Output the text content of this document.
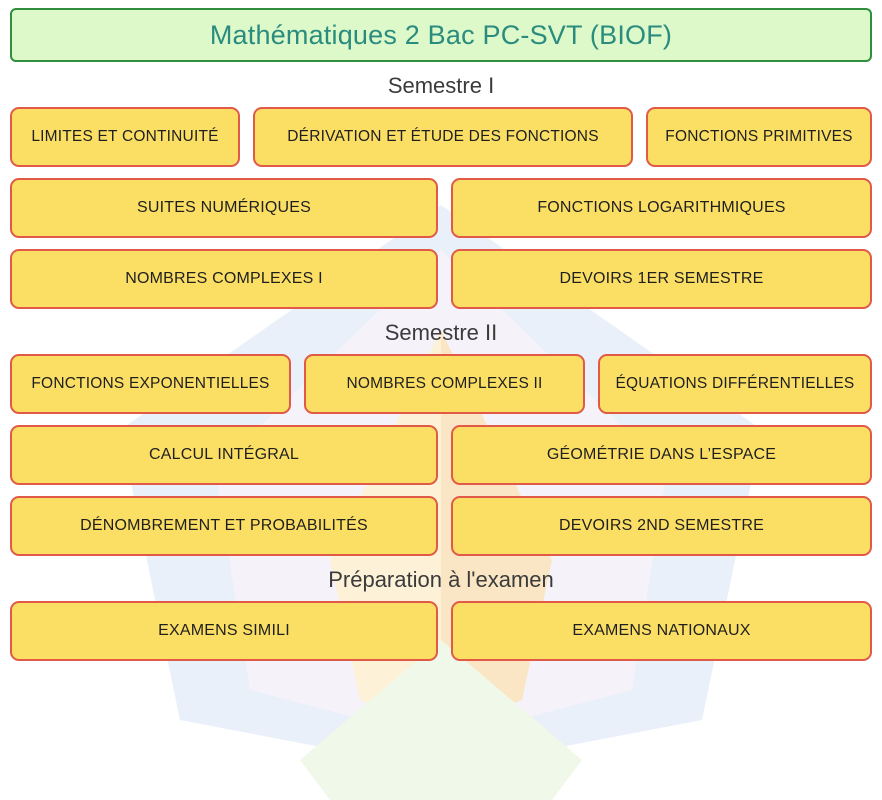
Mathématiques 2 Bac PC-SVT (BIOF)
Semestre I
LIMITES ET CONTINUITÉ	DÉRIVATION ET ÉTUDE DES FONCTIONS	FONCTIONS PRIMITIVES
SUITES NUMÉRIQUES	FONCTIONS LOGARITHMIQUES
NOMBRES COMPLEXES I	DEVOIRS 1ER SEMESTRE
Semestre II
FONCTIONS EXPONENTIELLES	NOMBRES COMPLEXES II	ÉQUATIONS DIFFÉRENTIELLES
CALCUL INTÉGRAL	GÉOMÉTRIE DANS L’ESPACE
DÉNOMBREMENT ET PROBABILITÉS	DEVOIRS 2ND SEMESTRE
Préparation à l'examen
EXAMENS SIMILI	EXAMENS NATIONAUX
